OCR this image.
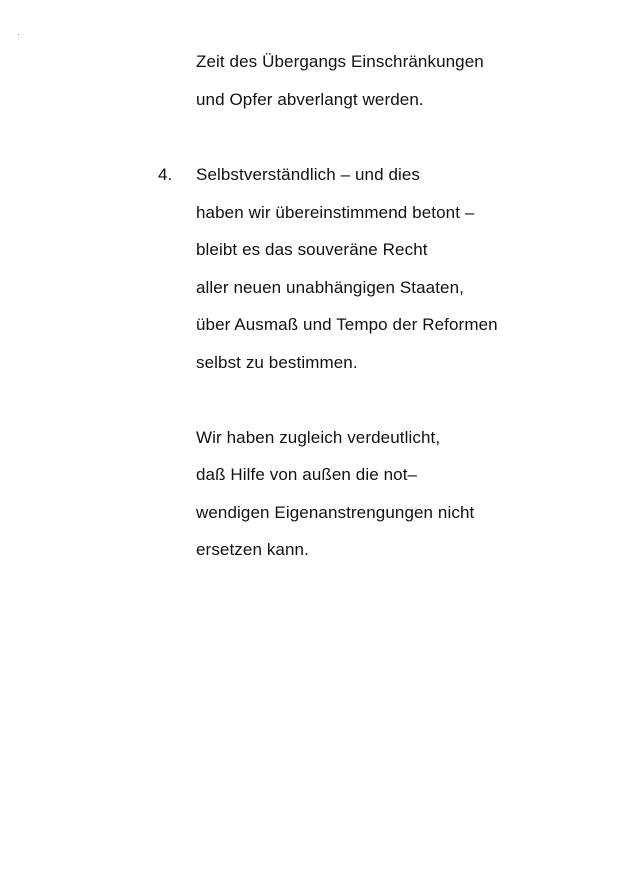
Zeit des Übergangs Einschränkungen
und Opfer abverlangt werden.
4. Selbstverständlich – und dies
haben wir übereinstimmend betont –
bleibt es das souveräne Recht
aller neuen unabhängigen Staaten,
über Ausmaß und Tempo der Reformen
selbst zu bestimmen.
Wir haben zugleich verdeutlicht,
daß Hilfe von außen die not–
wendigen Eigenanstrengungen nicht
ersetzen kann.
